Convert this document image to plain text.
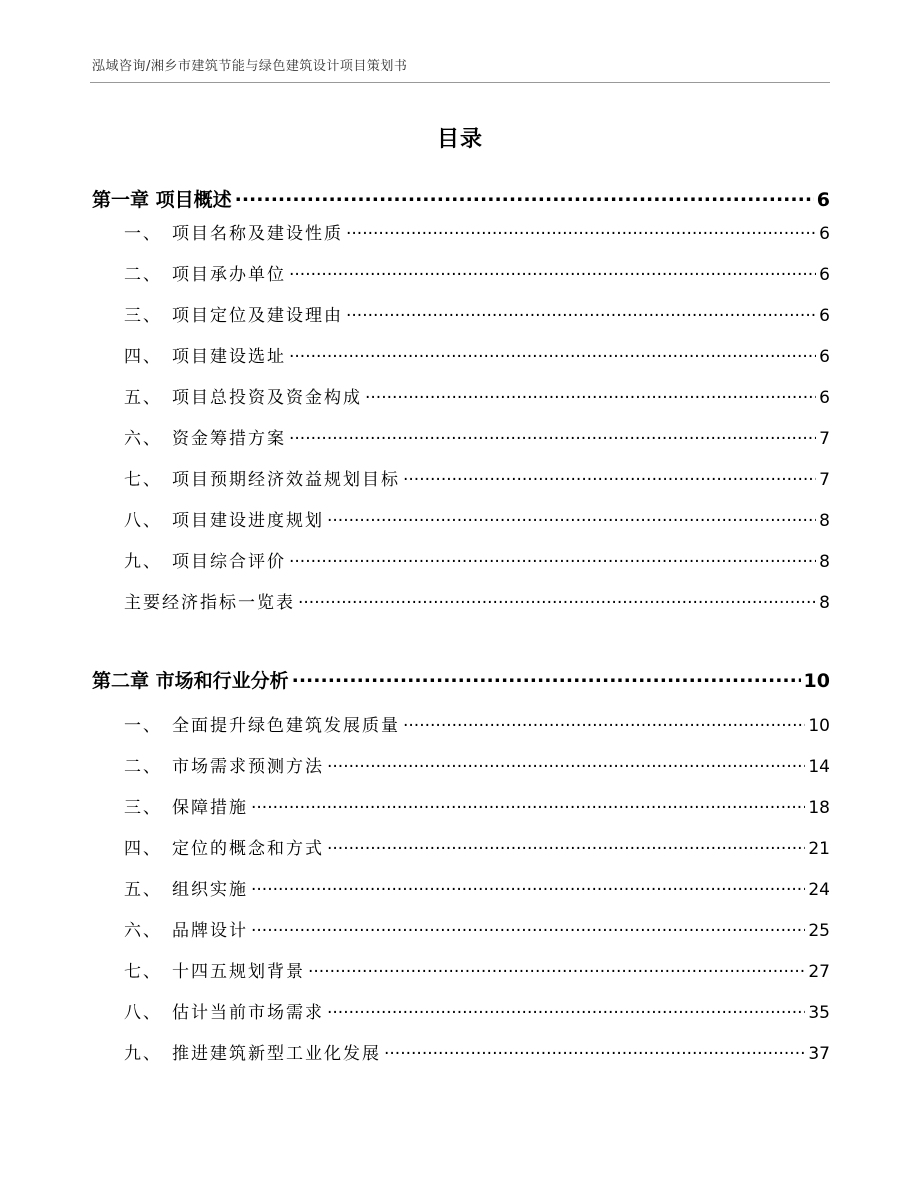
泓域咨询/湘乡市建筑节能与绿色建筑设计项目策划书
目录
第一章 项目概述 .....	6
一、 项目名称及建设性质 .....	6
二、 项目承办单位 .....	6
三、 项目定位及建设理由 .....	6
四、 项目建设选址 .....	6
五、 项目总投资及资金构成 .....	6
六、 资金筹措方案 .....	7
七、 项目预期经济效益规划目标 .....	7
八、 项目建设进度规划 .....	8
九、 项目综合评价 .....	8
主要经济指标一览表 .....	8
第二章 市场和行业分析 .....	10
一、 全面提升绿色建筑发展质量 .....	10
二、 市场需求预测方法 .....	14
三、 保障措施 .....	18
四、 定位的概念和方式 .....	21
五、 组织实施 .....	24
六、 品牌设计 .....	25
七、 十四五规划背景 .....	27
八、 估计当前市场需求 .....	35
九、 推进建筑新型工业化发展 .....	37
